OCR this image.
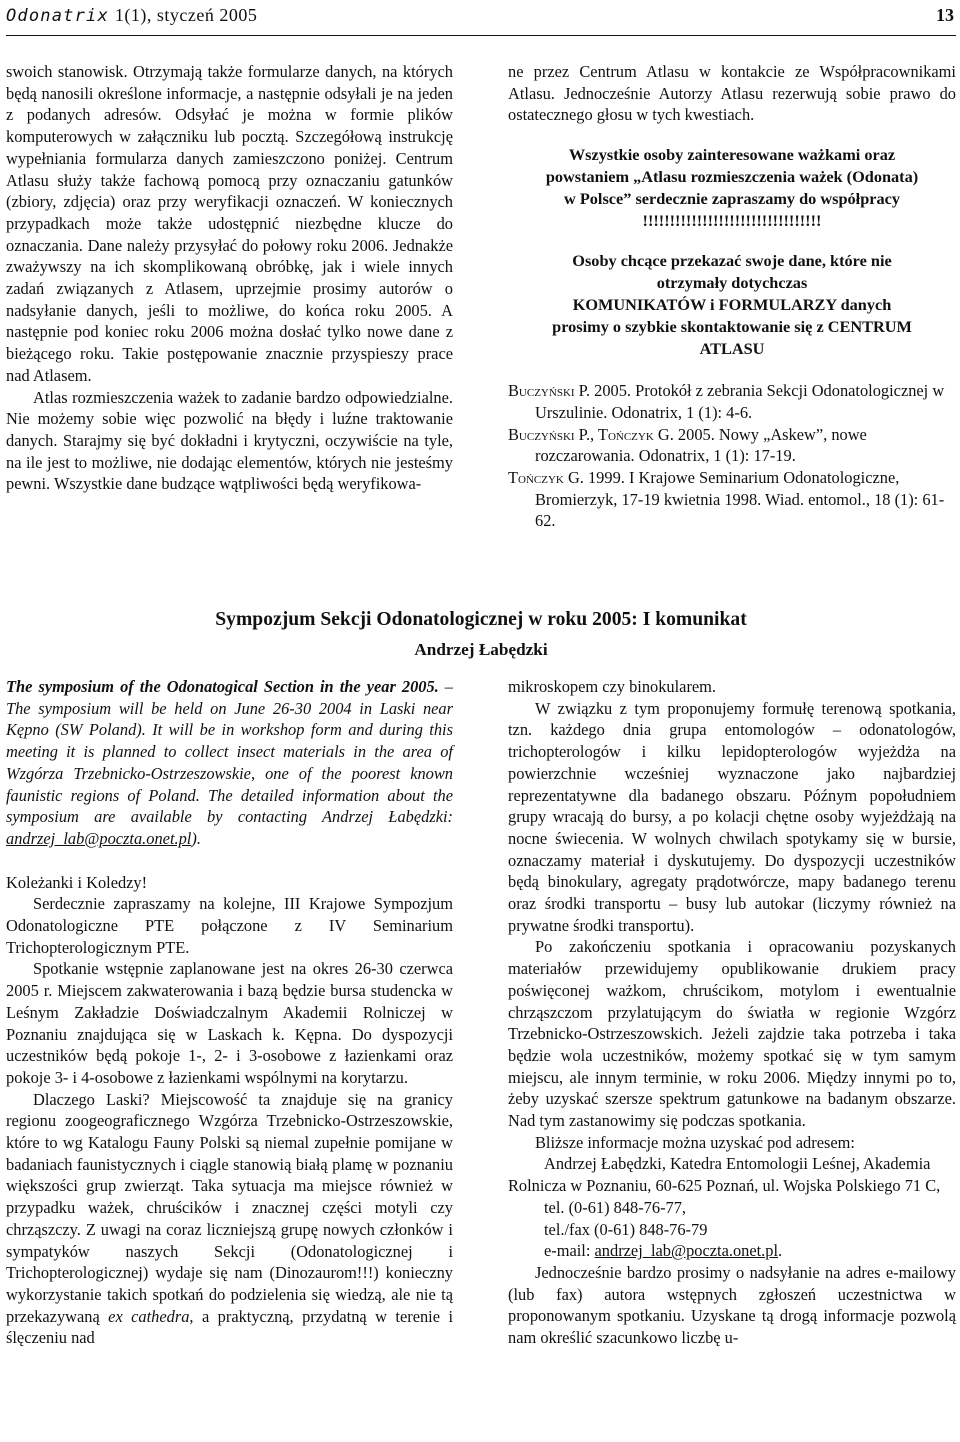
Odonatrix 1(1), styczeń 2005	13

swoich stanowisk. Otrzymają także formularze danych, na których będą nanosili określone informacje, a następnie odsyłali je na jeden z podanych adresów. Odsyłać je można w formie plików komputerowych w załączniku lub pocztą. Szczegółową instrukcję wypełniania formularza danych zamieszczono poniżej. Centrum Atlasu służy także fachową pomocą przy oznaczaniu gatunków (zbiory, zdjęcia) oraz przy weryfikacji oznaczeń. W koniecznych przypadkach może także udostępnić niezbędne klucze do oznaczania. Dane należy przysyłać do połowy roku 2006. Jednakże zważywszy na ich skomplikowaną obróbkę, jak i wiele innych zadań związanych z Atlasem, uprzejmie prosimy autorów o nadsyłanie danych, jeśli to możliwe, do końca roku 2005. A następnie pod koniec roku 2006 można dosłać tylko nowe dane z bieżącego roku. Takie postępowanie znacznie przyspieszy prace nad Atlasem.

Atlas rozmieszczenia ważek to zadanie bardzo odpowiedzialne. Nie możemy sobie więc pozwolić na błędy i luźne traktowanie danych. Starajmy się być dokładni i krytyczni, oczywiście na tyle, na ile jest to możliwe, nie dodając elementów, których nie jesteśmy pewni. Wszystkie dane budzące wątpliwości będą weryfikowa-

ne przez Centrum Atlasu w kontakcie ze Współpracownikami Atlasu. Jednocześnie Autorzy Atlasu rezerwują sobie prawo do ostatecznego głosu w tych kwestiach.

Wszystkie osoby zainteresowane ważkami oraz
powstaniem „Atlasu rozmieszczenia ważek (Odonata)
w Polsce” serdecznie zapraszamy do współpracy
!!!!!!!!!!!!!!!!!!!!!!!!!!!!!!!!!

Osoby chcące przekazać swoje dane, które nie
otrzymały dotychczas
KOMUNIKATÓW i FORMULARZY danych
prosimy o szybkie skontaktowanie się z CENTRUM
ATLASU

Buczyński P. 2005. Protokół z zebrania Sekcji Odonatologicznej w Urszulinie. Odonatrix, 1 (1): 4-6.

Buczyński P., Tończyk G. 2005. Nowy „Askew”, nowe rozczarowania. Odonatrix, 1 (1): 17-19.

Tończyk G. 1999. I Krajowe Seminarium Odonatologiczne, Bromierzyk, 17-19 kwietnia 1998. Wiad. entomol., 18 (1): 61-62.

Sympozjum Sekcji Odonatologicznej w roku 2005: I komunikat
Andrzej Łabędzki

The symposium of the Odonatogical Section in the year 2005. – The symposium will be held on June 26-30 2004 in Laski near Kępno (SW Poland). It will be in workshop form and during this meeting it is planned to collect insect materials in the area of Wzgórza Trzebnicko-Ostrzeszowskie, one of the poorest known faunistic regions of Poland. The detailed information about the symposium are available by contacting Andrzej Łabędzki: andrzej_lab@poczta.onet.pl).

Koleżanki i Koledzy!

Serdecznie zapraszamy na kolejne, III Krajowe Sympozjum Odonatologiczne PTE połączone z IV Seminarium Trichopterologicznym PTE.

Spotkanie wstępnie zaplanowane jest na okres 26-30 czerwca 2005 r. Miejscem zakwaterowania i bazą będzie bursa studencka w Leśnym Zakładzie Doświadczalnym Akademii Rolniczej w Poznaniu znajdująca się w Laskach k. Kępna. Do dyspozycji uczestników będą pokoje 1-, 2- i 3-osobowe z łazienkami oraz pokoje 3- i 4-osobowe z łazienkami wspólnymi na korytarzu.

Dlaczego Laski? Miejscowość ta znajduje się na granicy regionu zoogeograficznego Wzgórza Trzebnicko-Ostrzeszowskie, które to wg Katalogu Fauny Polski są niemal zupełnie pomijane w badaniach faunistycznych i ciągle stanowią białą plamę w poznaniu większości grup zwierząt. Taka sytuacja ma miejsce również w przypadku ważek, chruścików i znacznej części motyli czy chrząszczy. Z uwagi na coraz liczniejszą grupę nowych członków i sympatyków naszych Sekcji (Odonatologicznej i Trichopterologicznej) wydaje się nam (Dinozaurom!!!) konieczny wykorzystanie takich spotkań do podzielenia się wiedzą, ale nie tą przekazywaną ex cathedra, a praktyczną, przydatną w terenie i ślęczeniu nad

mikroskopem czy binokularem.

W związku z tym proponujemy formułę terenową spotkania, tzn. każdego dnia grupa entomologów – odonatologów, trichopterologów i kilku lepidopterologów wyjeżdża na powierzchnie wcześniej wyznaczone jako najbardziej reprezentatywne dla badanego obszaru. Późnym popołudniem grupy wracają do bursy, a po kolacji chętne osoby wyjeżdżają na nocne świecenia. W wolnych chwilach spotykamy się w bursie, oznaczamy materiał i dyskutujemy. Do dyspozycji uczestników będą binokulary, agregaty prądotwórcze, mapy badanego terenu oraz środki transportu – busy lub autokar (liczymy również na prywatne środki transportu).

Po zakończeniu spotkania i opracowaniu pozyskanych materiałów przewidujemy opublikowanie drukiem pracy poświęconej ważkom, chruścikom, motylom i ewentualnie chrząszczom przylatującym do światła w regionie Wzgórz Trzebnicko-Ostrzeszowskich. Jeżeli zajdzie taka potrzeba i taka będzie wola uczestników, możemy spotkać się w tym samym miejscu, ale innym terminie, w roku 2006. Między innymi po to, żeby uzyskać szersze spektrum gatunkowe na badanym obszarze. Nad tym zastanowimy się podczas spotkania.

Bliższe informacje można uzyskać pod adresem:

Andrzej Łabędzki, Katedra Entomologii Leśnej, Akademia Rolnicza w Poznaniu, 60-625 Poznań, ul. Wojska Polskiego 71 C,

tel. (0-61) 848-76-77,

tel./fax (0-61) 848-76-79

e-mail: andrzej_lab@poczta.onet.pl.

Jednocześnie bardzo prosimy o nadsyłanie na adres e-mailowy (lub fax) autora wstępnych zgłoszeń uczestnictwa w proponowanym spotkaniu. Uzyskane tą drogą informacje pozwolą nam określić szacunkowo liczbę u-
